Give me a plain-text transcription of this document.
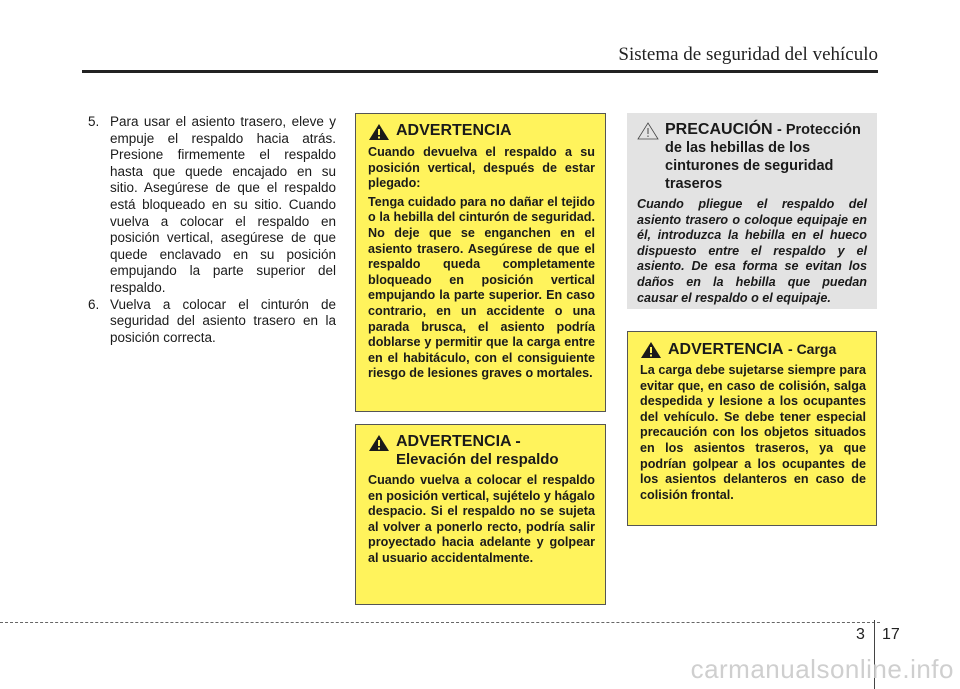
Sistema de seguridad del vehículo
5. Para usar el asiento trasero, eleve y empuje el respaldo hacia atrás. Presione firmemente el respaldo hasta que quede encajado en su sitio. Asegúrese de que el respaldo está bloqueado en su sitio. Cuando vuelva a colocar el respaldo en posición vertical, asegúrese de que quede enclavado en su posición empujando la parte superior del respaldo.
6. Vuelva a colocar el cinturón de seguridad del asiento trasero en la posición correcta.
ADVERTENCIA

Cuando devuelva el respaldo a su posición vertical, después de estar plegado:

Tenga cuidado para no dañar el tejido o la hebilla del cinturón de seguridad. No deje que se enganchen en el asiento trasero. Asegúrese de que el respaldo queda completamente bloqueado en posición vertical empujando la parte superior. En caso contrario, en un accidente o una parada brusca, el asiento podría doblarse y permitir que la carga entre en el habitáculo, con el consiguiente riesgo de lesiones graves o mortales.

ADVERTENCIA -
Elevación del respaldo
Cuando vuelva a colocar el respaldo en posición vertical, sujételo y hágalo despacio. Si el respaldo no se sujeta al volver a ponerlo recto, podría salir proyectado hacia adelante y golpear al usuario accidentalmente.
PRECAUCIÓN - Protección de las hebillas de los cinturones de seguridad traseros
Cuando pliegue el respaldo del asiento trasero o coloque equipaje en él, introduzca la hebilla en el hueco dispuesto entre el respaldo y el asiento. De esa forma se evitan los daños en la hebilla que puedan causar el respaldo o el equipaje.
ADVERTENCIA - Carga
La carga debe sujetarse siempre para evitar que, en caso de colisión, salga despedida y lesione a los ocupantes del vehículo. Se debe tener especial precaución con los objetos situados en los asientos traseros, ya que podrían golpear a los ocupantes de los asientos delanteros en caso de colisión frontal.
3 17
carmanualsonline.info
